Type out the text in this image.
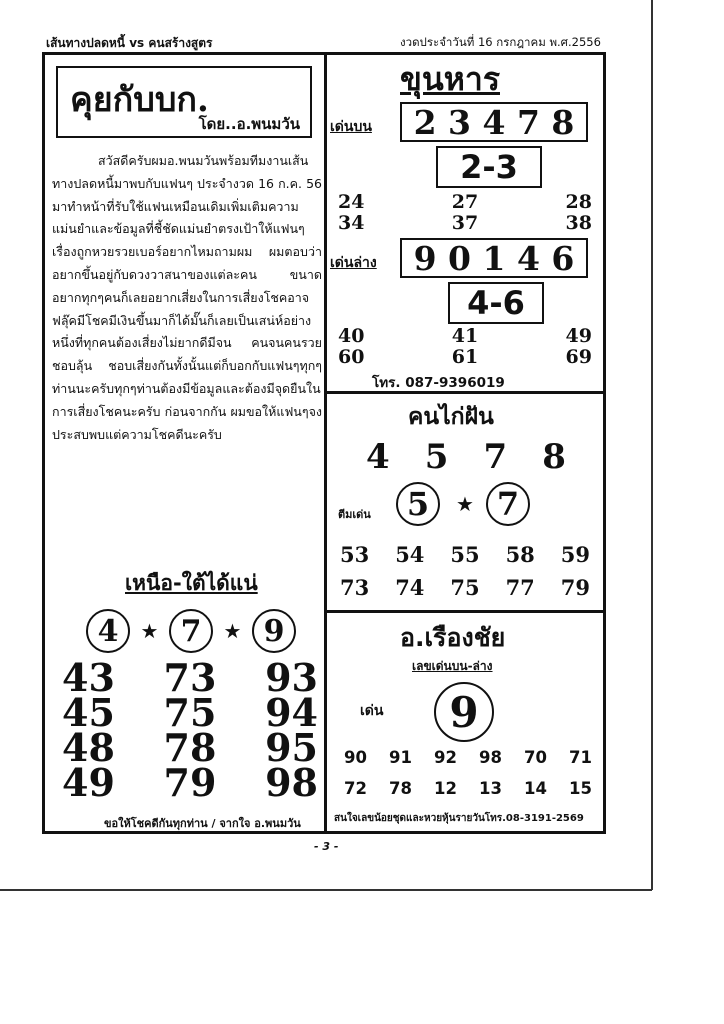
เส้นทางปลดหนี้ vs คนสร้างสูตร	งวดประจำวันที่ 16 กรกฎาคม พ.ศ.2556
คุยกับบก.
โดย..อ.พนมวัน

สวัสดีครับผมอ.พนมวันพร้อมทีมงานเส้นทางปลดหนี้มาพบกับแฟนๆ ประจำงวด 16 ก.ค. 56 มาทำหน้าที่รับใช้แฟนเหมือนเดิมเพิ่มเติมความแม่นยำและข้อมูลที่ชี้ชัดแม่นยำตรงเป้าให้แฟนๆเรื่องถูกหวยรวยเบอร์อยากไหมถามผม ผมตอบว่าอยากขึ้นอยู่กับดวงวาสนาของแต่ละคน ขนาดอยากทุกๆคนก็เลยอยากเสี่ยงในการเสี่ยงโชคอาจฟลุ๊คมีโชคมีเงินขึ้นมาก็ได้มั๊นก็เลยเป็นเสน่ห์อย่างหนึ่งที่ทุกคนต้องเสี่ยงไม่ยากดีมีจน คนจนคนรวยชอบลุ้น ชอบเสี่ยงกันทั้งนั้นแต่ก็บอกกับแฟนๆทุกๆท่านนะครับทุกๆท่านต้องมีข้อมูลและต้องมีจุดยืนในการเสี่ยงโชคนะครับ ก่อนจากกัน ผมขอให้แฟนๆจงประสบพบแต่ความโชคดีนะครับ

เหนือ-ใต้ได้แน่
4	★ 7	★ 9
43	73	93
45	75	94
48	78	95
49	79	98
ขอให้โชคดีกันทุกท่าน / จากใจ อ.พนมวัน
ขุนหาร
เด่นบน	2 3 4 7 8
2-3
24	27	28
34	37	38
เด่นล่าง	9 0 1 4 6
4-6
40	41	49
60	61	69
โทร. 087-9396019
คนไก่ฝัน
4 5 7 8
ตีมเด่น	5	★ 7
53 54 55 58 59
73 74 75 77 79
อ.เรืองชัย
เลขเด่นบน-ล่าง
เด่น	9
90 91 92 98 70 71
72 78 12 13 14 15
สนใจเลขน้อยชุดและหวยหุ้นรายวันโทร.08-3191-2569
- 3 -
